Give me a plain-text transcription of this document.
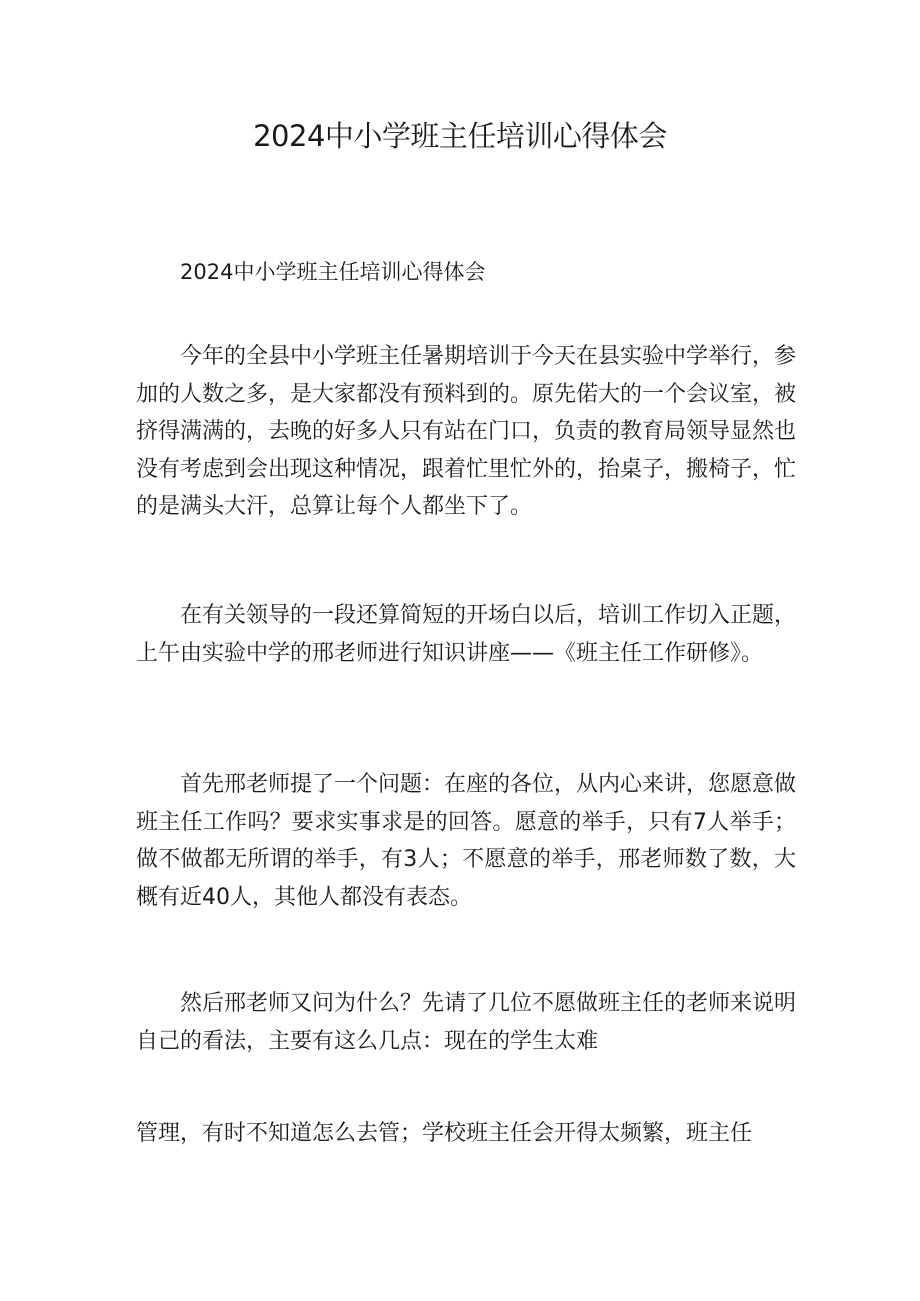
2024中小学班主任培训心得体会

2024中小学班主任培训心得体会

今年的全县中小学班主任暑期培训于今天在县实验中学举行，参加的人数之多，是大家都没有预料到的。原先偌大的一个会议室，被挤得满满的，去晚的好多人只有站在门口，负责的教育局领导显然也没有考虑到会出现这种情况，跟着忙里忙外的，抬桌子，搬椅子，忙的是满头大汗，总算让每个人都坐下了。

在有关领导的一段还算简短的开场白以后，培训工作切入正题，上午由实验中学的邢老师进行知识讲座——《班主任工作研修》。

首先邢老师提了一个问题：在座的各位，从内心来讲，您愿意做班主任工作吗？要求实事求是的回答。愿意的举手，只有7人举手；做不做都无所谓的举手，有3人；不愿意的举手，邢老师数了数，大概有近40人，其他人都没有表态。

然后邢老师又问为什么？先请了几位不愿做班主任的老师来说明自己的看法，主要有这么几点：现在的学生太难

管理，有时不知道怎么去管；学校班主任会开得太频繁，班主任
